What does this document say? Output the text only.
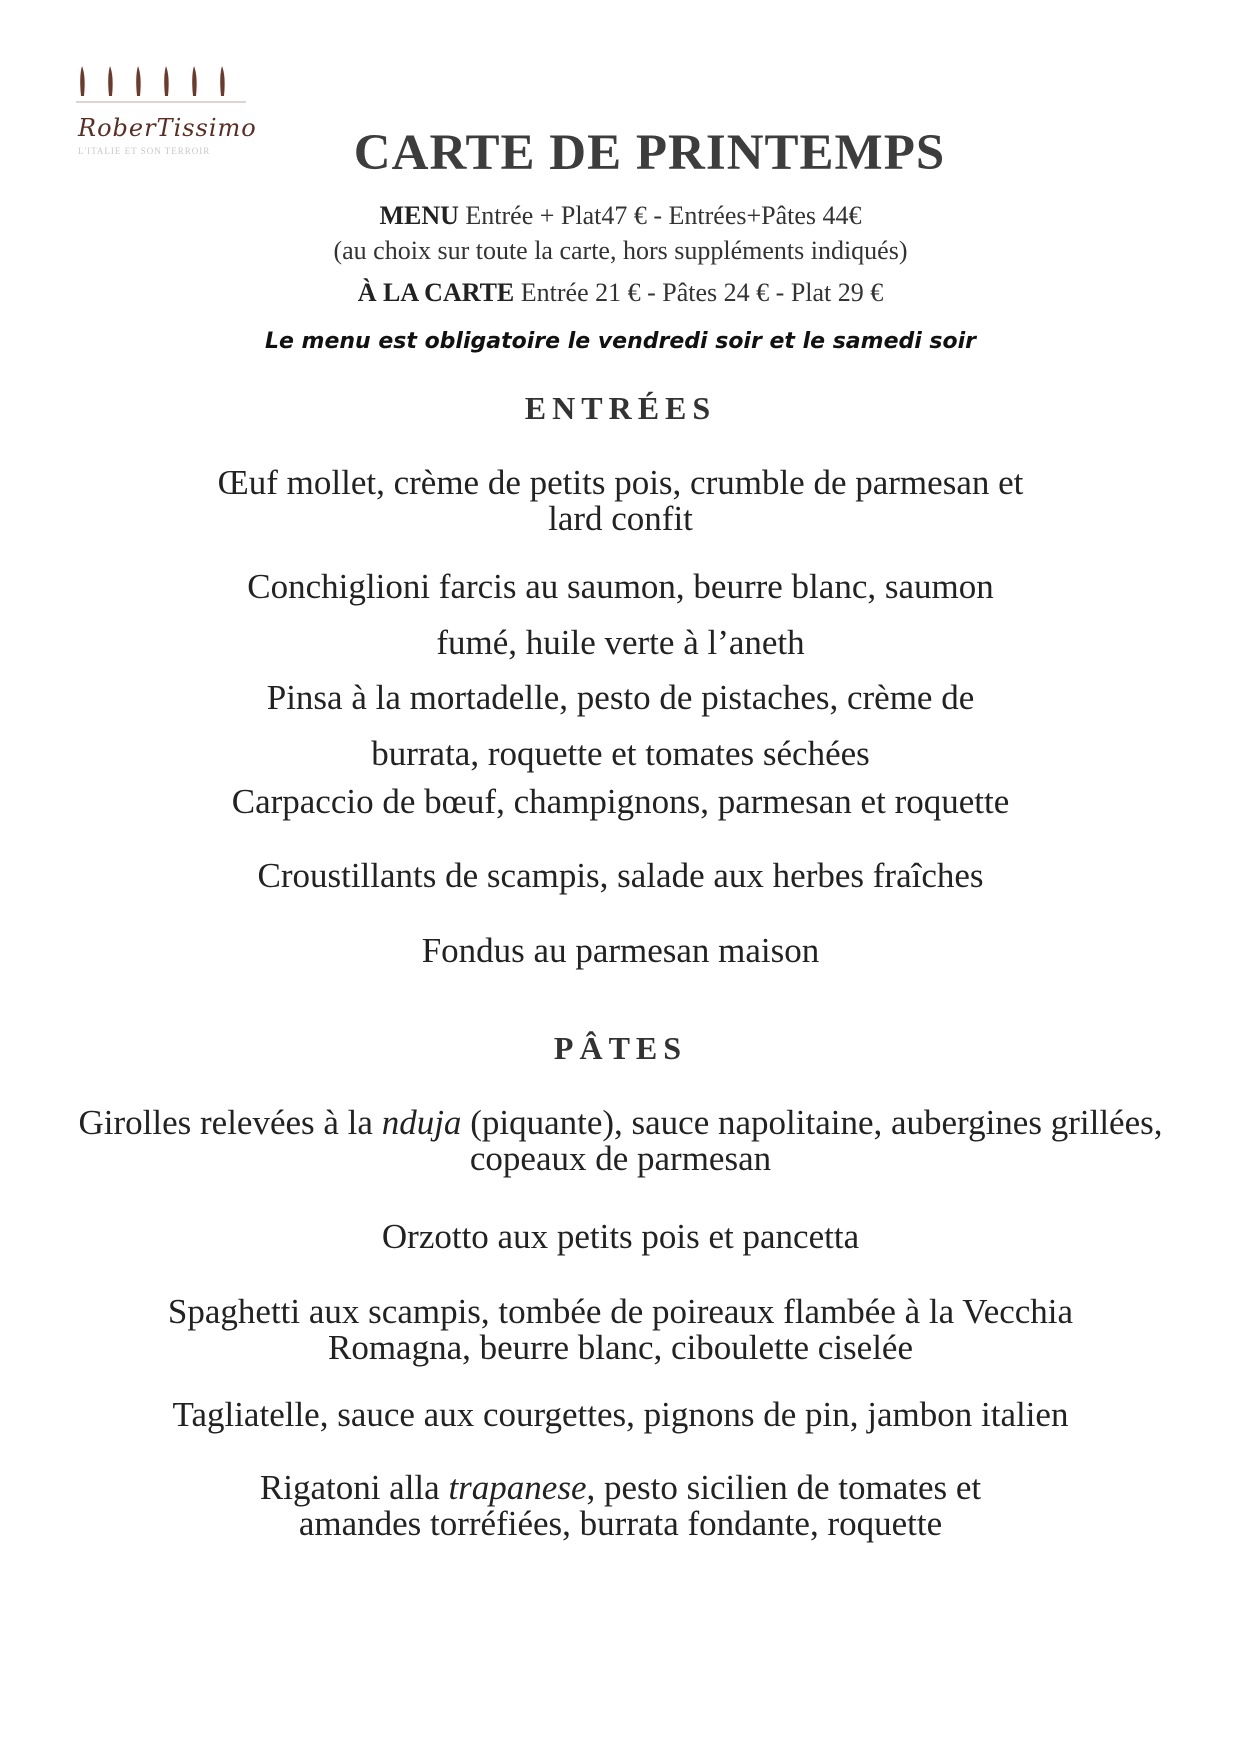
RoberTissimo
L'ITALIE ET SON TERROIR	CARTE DE PRINTEMPS
MENU Entrée + Plat47 € - Entrées+Pâtes 44€
(au choix sur toute la carte, hors suppléments indiqués)
À LA CARTE Entrée 21 € - Pâtes 24 € - Plat 29 €
Le menu est obligatoire le vendredi soir et le samedi soir
ENTRÉES
Œuf mollet, crème de petits pois, crumble de parmesan et lard confit
Conchiglioni farcis au saumon, beurre blanc, saumon fumé, huile verte à l’aneth
Pinsa à la mortadelle, pesto de pistaches, crème de burrata, roquette et tomates séchées
Carpaccio de bœuf, champignons, parmesan et roquette
Croustillants de scampis, salade aux herbes fraîches
Fondus au parmesan maison
PÂTES
Girolles relevées à la nduja (piquante), sauce napolitaine, aubergines grillées, copeaux de parmesan
Orzotto aux petits pois et pancetta
Spaghetti aux scampis, tombée de poireaux flambée à la Vecchia Romagna, beurre blanc, ciboulette ciselée
Tagliatelle, sauce aux courgettes, pignons de pin, jambon italien
Rigatoni alla trapanese, pesto sicilien de tomates et amandes torréfiées, burrata fondante, roquette
